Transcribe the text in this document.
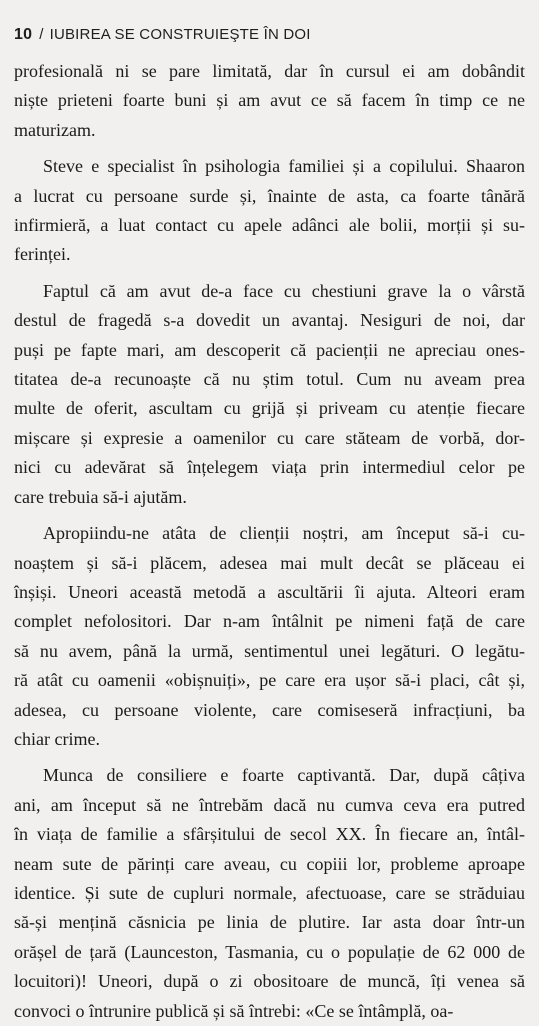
10 / IUBIREA SE CONSTRUIEŞTE ÎN DOI

profesională ni se pare limitată, dar în cursul ei am dobândit
niște prieteni foarte buni și am avut ce să facem în timp ce ne
maturizam.

Steve e specialist în psihologia familiei și a copilului. Shaaron
a lucrat cu persoane surde și, înainte de asta, ca foarte tânără
infirmieră, a luat contact cu apele adânci ale bolii, morții și su-
ferinței.

Faptul că am avut de-a face cu chestiuni grave la o vârstă
destul de fragedă s-a dovedit un avantaj. Nesiguri de noi, dar
puși pe fapte mari, am descoperit că pacienții ne apreciau ones-
titatea de-a recunoaște că nu știm totul. Cum nu aveam prea
multe de oferit, ascultam cu grijă și priveam cu atenție fiecare
mișcare și expresie a oamenilor cu care stăteam de vorbă, dor-
nici cu adevărat să înțelegem viața prin intermediul celor pe
care trebuia să-i ajutăm.

Apropiindu-ne atâta de clienții noștri, am început să-i cu-
noaștem și să-i plăcem, adesea mai mult decât se plăceau ei
înșiși. Uneori această metodă a ascultării îi ajuta. Alteori eram
complet nefolositori. Dar n-am întâlnit pe nimeni față de care
să nu avem, până la urmă, sentimentul unei legături. O legătu-
ră atât cu oamenii «obișnuiți», pe care era ușor să-i placi, cât și,
adesea, cu persoane violente, care comiseseră infracțiuni, ba
chiar crime.

Munca de consiliere e foarte captivantă. Dar, după câțiva
ani, am început să ne întrebăm dacă nu cumva ceva era putred
în viața de familie a sfârșitului de secol XX. În fiecare an, întâl-
neam sute de părinți care aveau, cu copiii lor, probleme aproape
identice. Și sute de cupluri normale, afectuoase, care se străduiau
să-și mențină căsnicia pe linia de plutire. Iar asta doar într-un
orășel de țară (Launceston, Tasmania, cu o populație de 62 000 de
locuitori)! Uneori, după o zi obositoare de muncă, îți venea să
convoci o întrunire publică și să întrebi: «Ce se întâmplă, oa-
